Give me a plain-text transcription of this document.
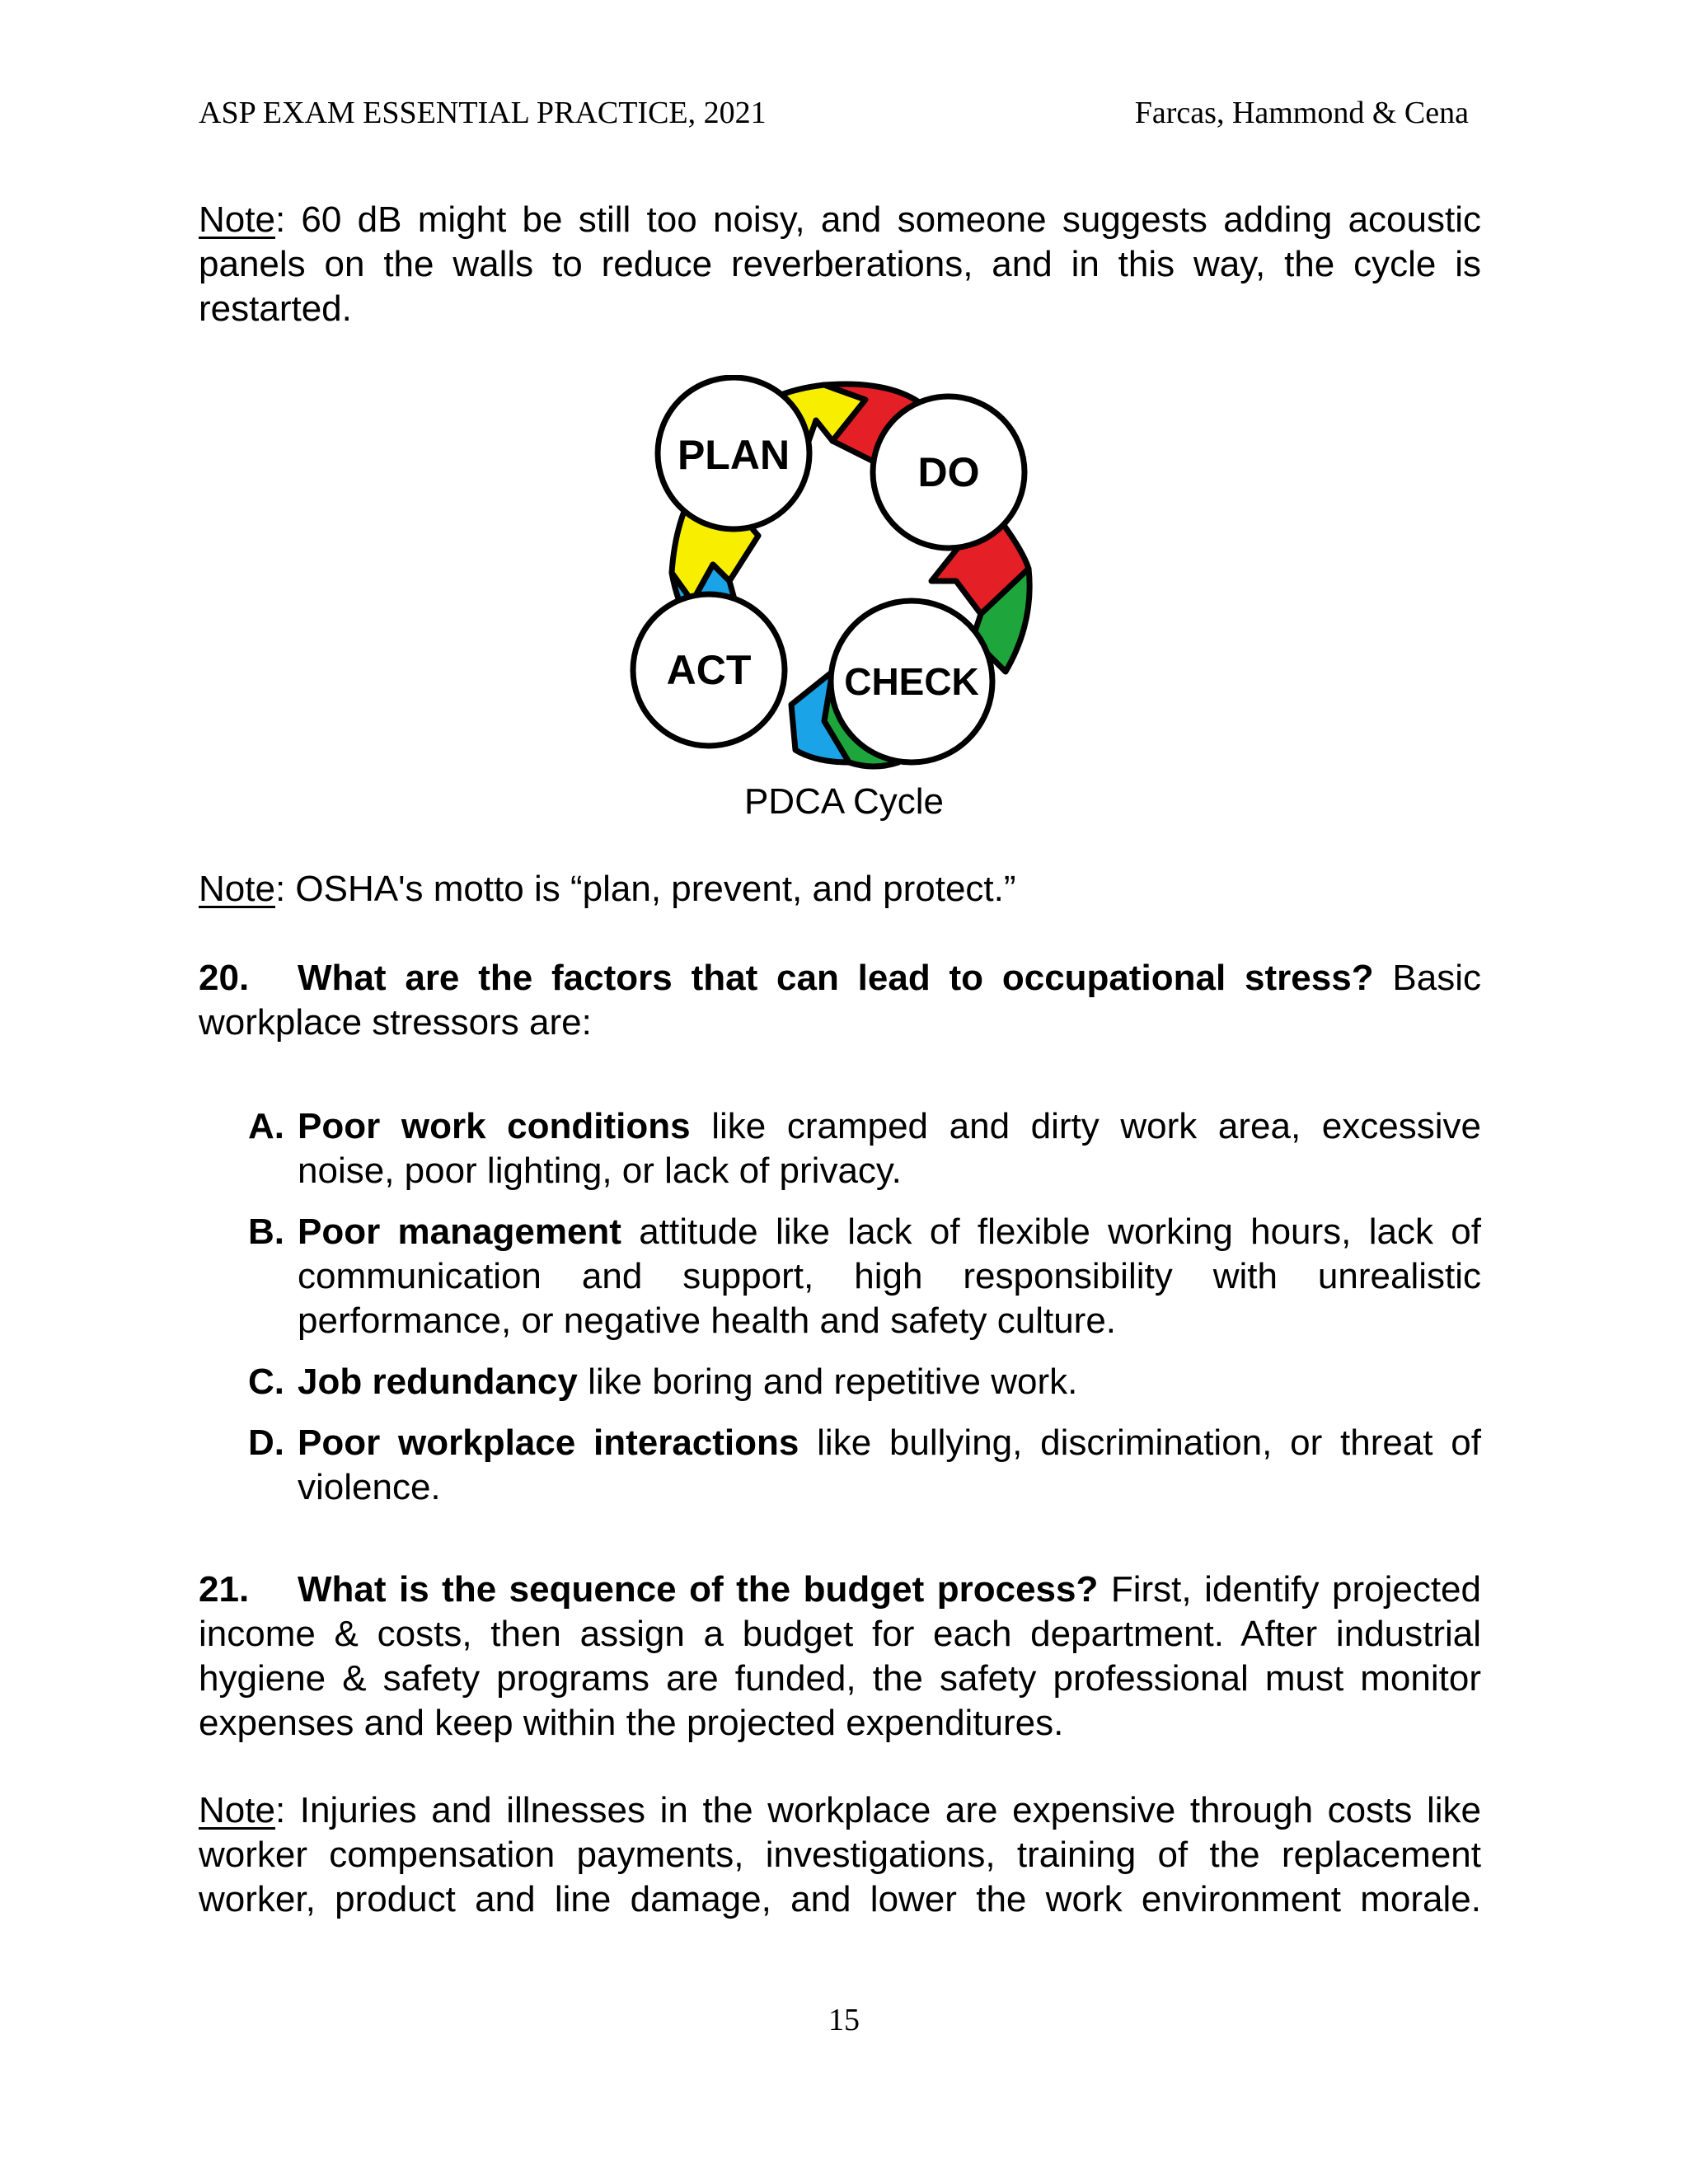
ASP EXAM ESSENTIAL PRACTICE, 2021	Farcas, Hammond & Cena

Note: 60 dB might be still too noisy, and someone suggests adding acoustic panels on the walls to reduce reverberations, and in this way, the cycle is restarted.

Note: OSHA's motto is “plan, prevent, and protect.”

20. What are the factors that can lead to occupational stress? Basic workplace stressors are:

A. Poor work conditions like cramped and dirty work area, excessive noise, poor lighting, or lack of privacy.
B. Poor management attitude like lack of flexible working hours, lack of communication and support, high responsibility with unrealistic performance, or negative health and safety culture.
C. Job redundancy like boring and repetitive work.
D. Poor workplace interactions like bullying, discrimination, or threat of violence.

21. What is the sequence of the budget process? First, identify projected income & costs, then assign a budget for each department. After industrial hygiene & safety programs are funded, the safety professional must monitor expenses and keep within the projected expenditures.

Note: Injuries and illnesses in the workplace are expensive through costs like worker compensation payments, investigations, training of the replacement worker, product and line damage, and lower the work environment morale.

PLAN	DO
ACT CHECK
PDCA Cycle
15
